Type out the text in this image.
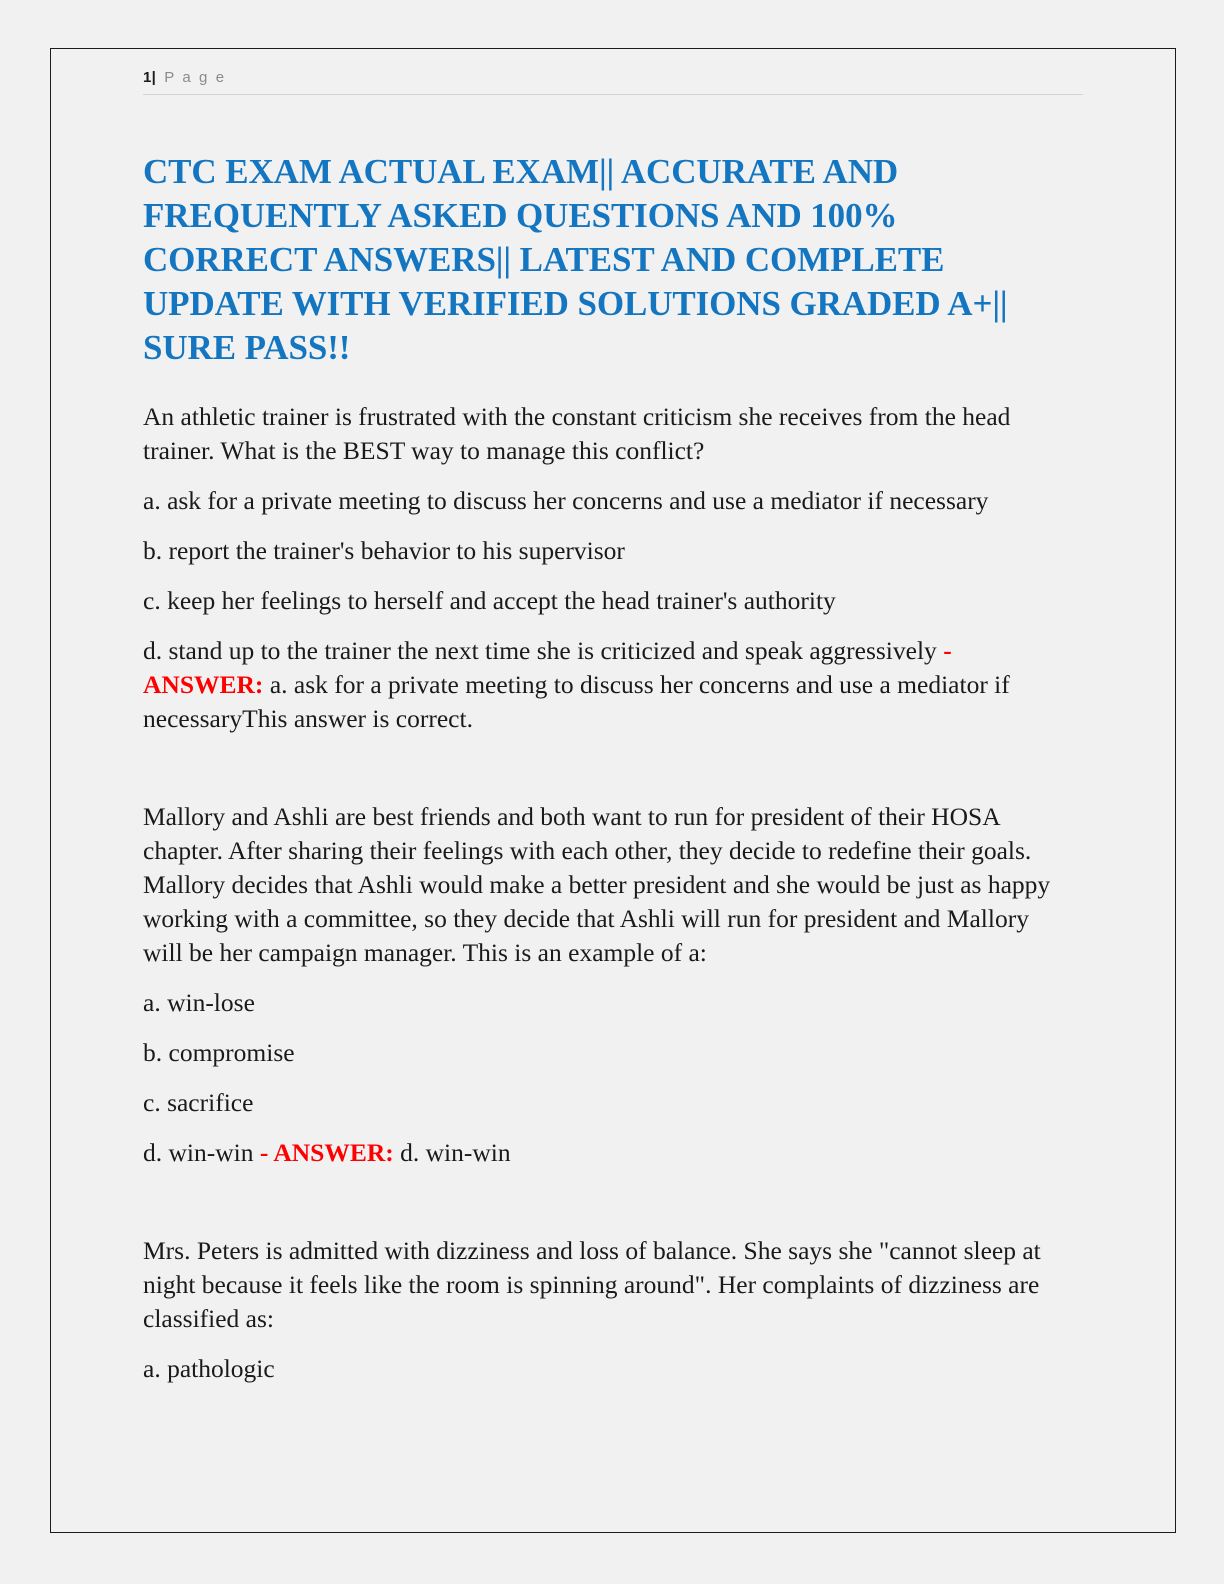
1| P a g e
CTC EXAM ACTUAL EXAM|| ACCURATE AND FREQUENTLY ASKED QUESTIONS AND 100% CORRECT ANSWERS|| LATEST AND COMPLETE UPDATE WITH VERIFIED SOLUTIONS GRADED A+|| SURE PASS!!

An athletic trainer is frustrated with the constant criticism she receives from the head trainer. What is the BEST way to manage this conflict?

a. ask for a private meeting to discuss her concerns and use a mediator if necessary

b. report the trainer's behavior to his supervisor

c. keep her feelings to herself and accept the head trainer's authority

d. stand up to the trainer the next time she is criticized and speak aggressively - ANSWER: a. ask for a private meeting to discuss her concerns and use a mediator if necessaryThis answer is correct.

Mallory and Ashli are best friends and both want to run for president of their HOSA chapter. After sharing their feelings with each other, they decide to redefine their goals. Mallory decides that Ashli would make a better president and she would be just as happy working with a committee, so they decide that Ashli will run for president and Mallory will be her campaign manager. This is an example of a:

a. win-lose

b. compromise

c. sacrifice

d. win-win - ANSWER: d. win-win

Mrs. Peters is admitted with dizziness and loss of balance. She says she "cannot sleep at night because it feels like the room is spinning around". Her complaints of dizziness are classified as:

a. pathologic
